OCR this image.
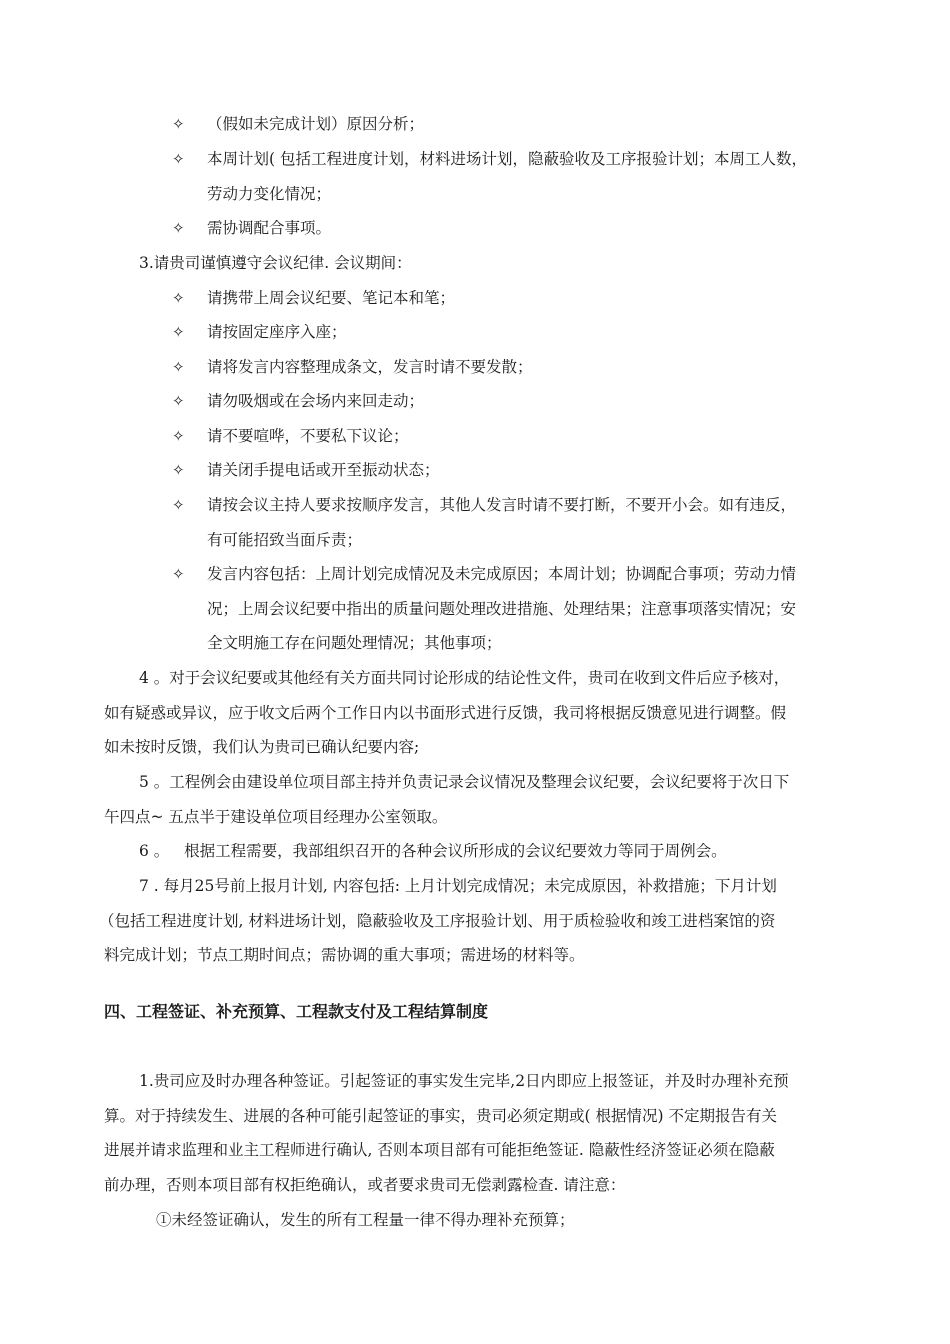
✧ （假如未完成计划）原因分析；
✧ 本周计划( 包括工程进度计划，材料进场计划，隐蔽验收及工序报验计划；本周工人数，
劳动力变化情况；
✧ 需协调配合事项。
3.请贵司谨慎遵守会议纪律. 会议期间：
✧ 请携带上周会议纪要、笔记本和笔；
✧ 请按固定座序入座；
✧ 请将发言内容整理成条文，发言时请不要发散；
✧ 请勿吸烟或在会场内来回走动；
✧ 请不要喧哗，不要私下议论；
✧ 请关闭手提电话或开至振动状态；
✧ 请按会议主持人要求按顺序发言，其他人发言时请不要打断，不要开小会。如有违反，
有可能招致当面斥责；
✧ 发言内容包括：上周计划完成情况及未完成原因；本周计划；协调配合事项；劳动力情
况；上周会议纪要中指出的质量问题处理改进措施、处理结果；注意事项落实情况；安
全文明施工存在问题处理情况；其他事项；
4 。对于会议纪要或其他经有关方面共同讨论形成的结论性文件，贵司在收到文件后应予核对，
如有疑惑或异议，应于收文后两个工作日内以书面形式进行反馈，我司将根据反馈意见进行调整。假
如未按时反馈，我们认为贵司已确认纪要内容;
5 。工程例会由建设单位项目部主持并负责记录会议情况及整理会议纪要，会议纪要将于次日下
午四点~ 五点半于建设单位项目经理办公室领取。
6 。   根据工程需要，我部组织召开的各种会议所形成的会议纪要效力等同于周例会。
7 . 每月25号前上报月计划, 内容包括: 上月计划完成情况；未完成原因，补救措施；下月计划
（包括工程进度计划, 材料进场计划，隐蔽验收及工序报验计划、用于质检验收和竣工进档案馆的资
料完成计划；节点工期时间点；需协调的重大事项；需进场的材料等。
四、工程签证、补充预算、工程款支付及工程结算制度
1.贵司应及时办理各种签证。引起签证的事实发生完毕,2日内即应上报签证，并及时办理补充预
算。对于持续发生、进展的各种可能引起签证的事实，贵司必须定期或( 根据情况) 不定期报告有关
进展并请求监理和业主工程师进行确认, 否则本项目部有可能拒绝签证. 隐蔽性经济签证必须在隐蔽
前办理，否则本项目部有权拒绝确认，或者要求贵司无偿剥露检查. 请注意：
①未经签证确认，发生的所有工程量一律不得办理补充预算；
